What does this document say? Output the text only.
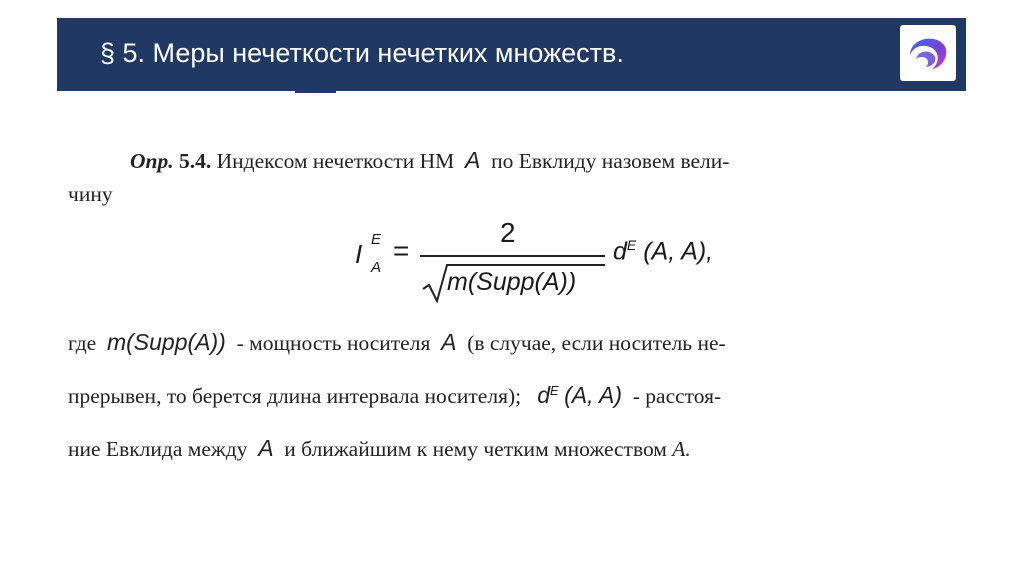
§ 5. Меры нечеткости нечетких множеств.
Опр. 5.4. Индексом нечеткости НМ A по Евклиду назовем вели-
чину
I E
A
=
2
m(Supp(A))
$d^E$ (A, A),
где m(Supp(A)) - мощность носителя A (в случае, если носитель не-
прерывен, то берется длина интервала носителя); $d^E$ (A, A) - расстоя-
ние Евклида между A и ближайшим к нему четким множеством A.
